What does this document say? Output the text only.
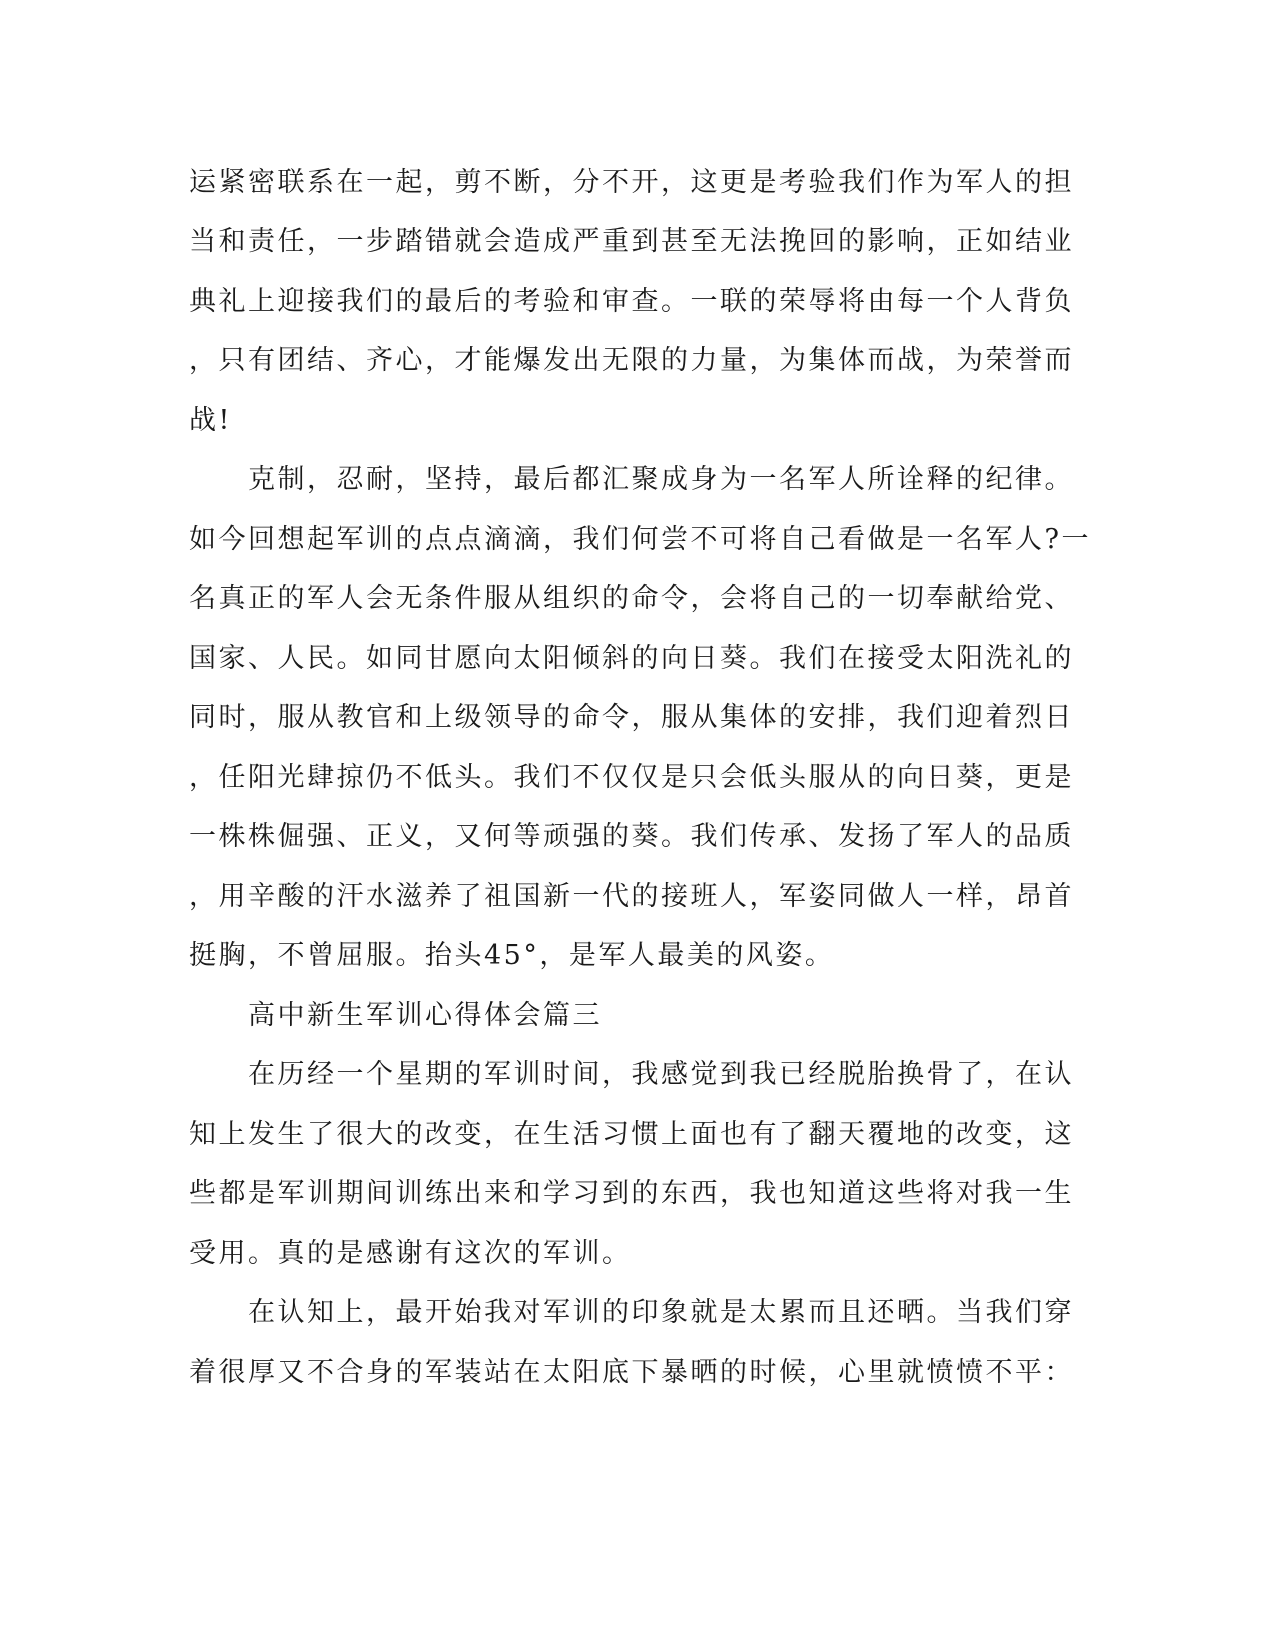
运紧密联系在一起，剪不断，分不开，这更是考验我们作为军人的担
当和责任，一步踏错就会造成严重到甚至无法挽回的影响，正如结业
典礼上迎接我们的最后的考验和审查。一联的荣辱将由每一个人背负
，只有团结、齐心，才能爆发出无限的力量，为集体而战，为荣誉而
战!
　　克制，忍耐，坚持，最后都汇聚成身为一名军人所诠释的纪律。
如今回想起军训的点点滴滴，我们何尝不可将自己看做是一名军人?一
名真正的军人会无条件服从组织的命令，会将自己的一切奉献给党、
国家、人民。如同甘愿向太阳倾斜的向日葵。我们在接受太阳洗礼的
同时，服从教官和上级领导的命令，服从集体的安排，我们迎着烈日
，任阳光肆掠仍不低头。我们不仅仅是只会低头服从的向日葵，更是
一株株倔强、正义，又何等顽强的葵。我们传承、发扬了军人的品质
，用辛酸的汗水滋养了祖国新一代的接班人，军姿同做人一样，昂首
挺胸，不曾屈服。抬头45°，是军人最美的风姿。
　　高中新生军训心得体会篇三
　　在历经一个星期的军训时间，我感觉到我已经脱胎换骨了，在认
知上发生了很大的改变，在生活习惯上面也有了翻天覆地的改变，这
些都是军训期间训练出来和学习到的东西，我也知道这些将对我一生
受用。真的是感谢有这次的军训。
　　在认知上，最开始我对军训的印象就是太累而且还晒。当我们穿
着很厚又不合身的军装站在太阳底下暴晒的时候，心里就愤愤不平：
